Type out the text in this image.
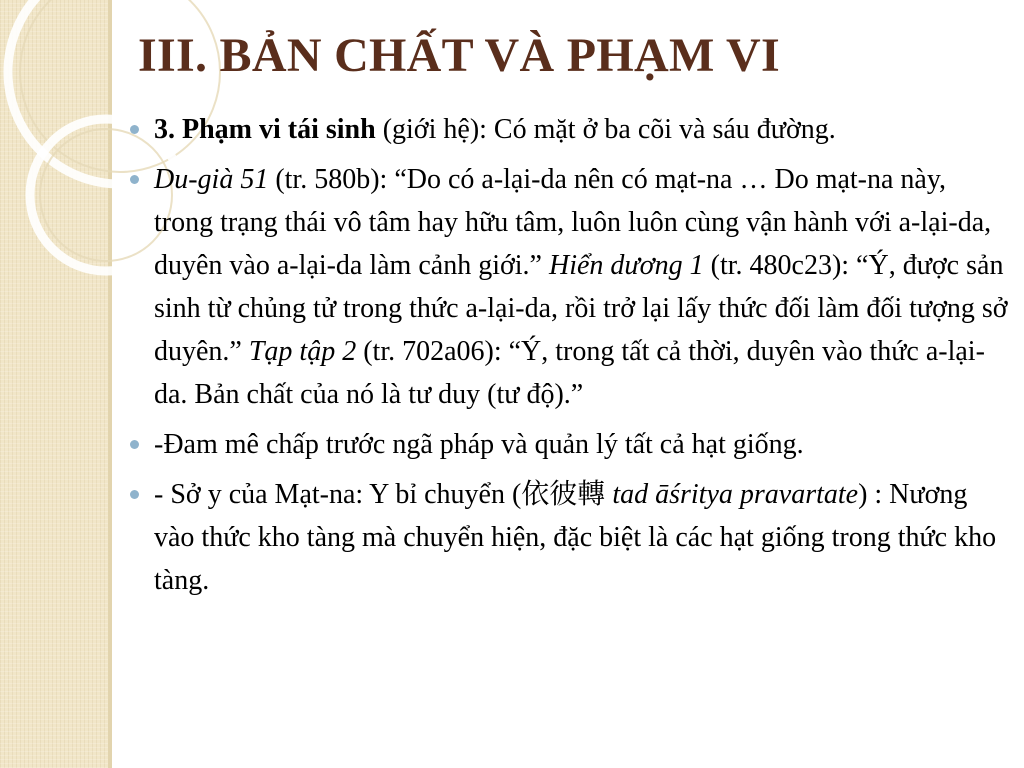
III. BẢN CHẤT VÀ PHẠM VI
3. Phạm vi tái sinh (giới hệ): Có mặt ở ba cõi và sáu đường.
Du-già 51 (tr. 580b): “Do có a-lại-da nên có mạt-na … Do mạt-na này, trong trạng thái vô tâm hay hữu tâm, luôn luôn cùng vận hành với a-lại-da, duyên vào a-lại-da làm cảnh giới.” Hiển dương 1 (tr. 480c23): “Ý, được sản sinh từ chủng tử trong thức a-lại-da, rồi trở lại lấy thức đối làm đối tượng sở duyên.” Tạp tập 2 (tr. 702a06): “Ý, trong tất cả thời, duyên vào thức a-lại-da. Bản chất của nó là tư duy (tư độ).”
-Đam mê chấp trước ngã pháp và quản lý tất cả hạt giống.
- Sở y của Mạt-na: Y bỉ chuyển (依彼轉 tad āśritya pravartate) : Nương vào thức kho tàng mà chuyển hiện, đặc biệt là các hạt giống trong thức kho tàng.
